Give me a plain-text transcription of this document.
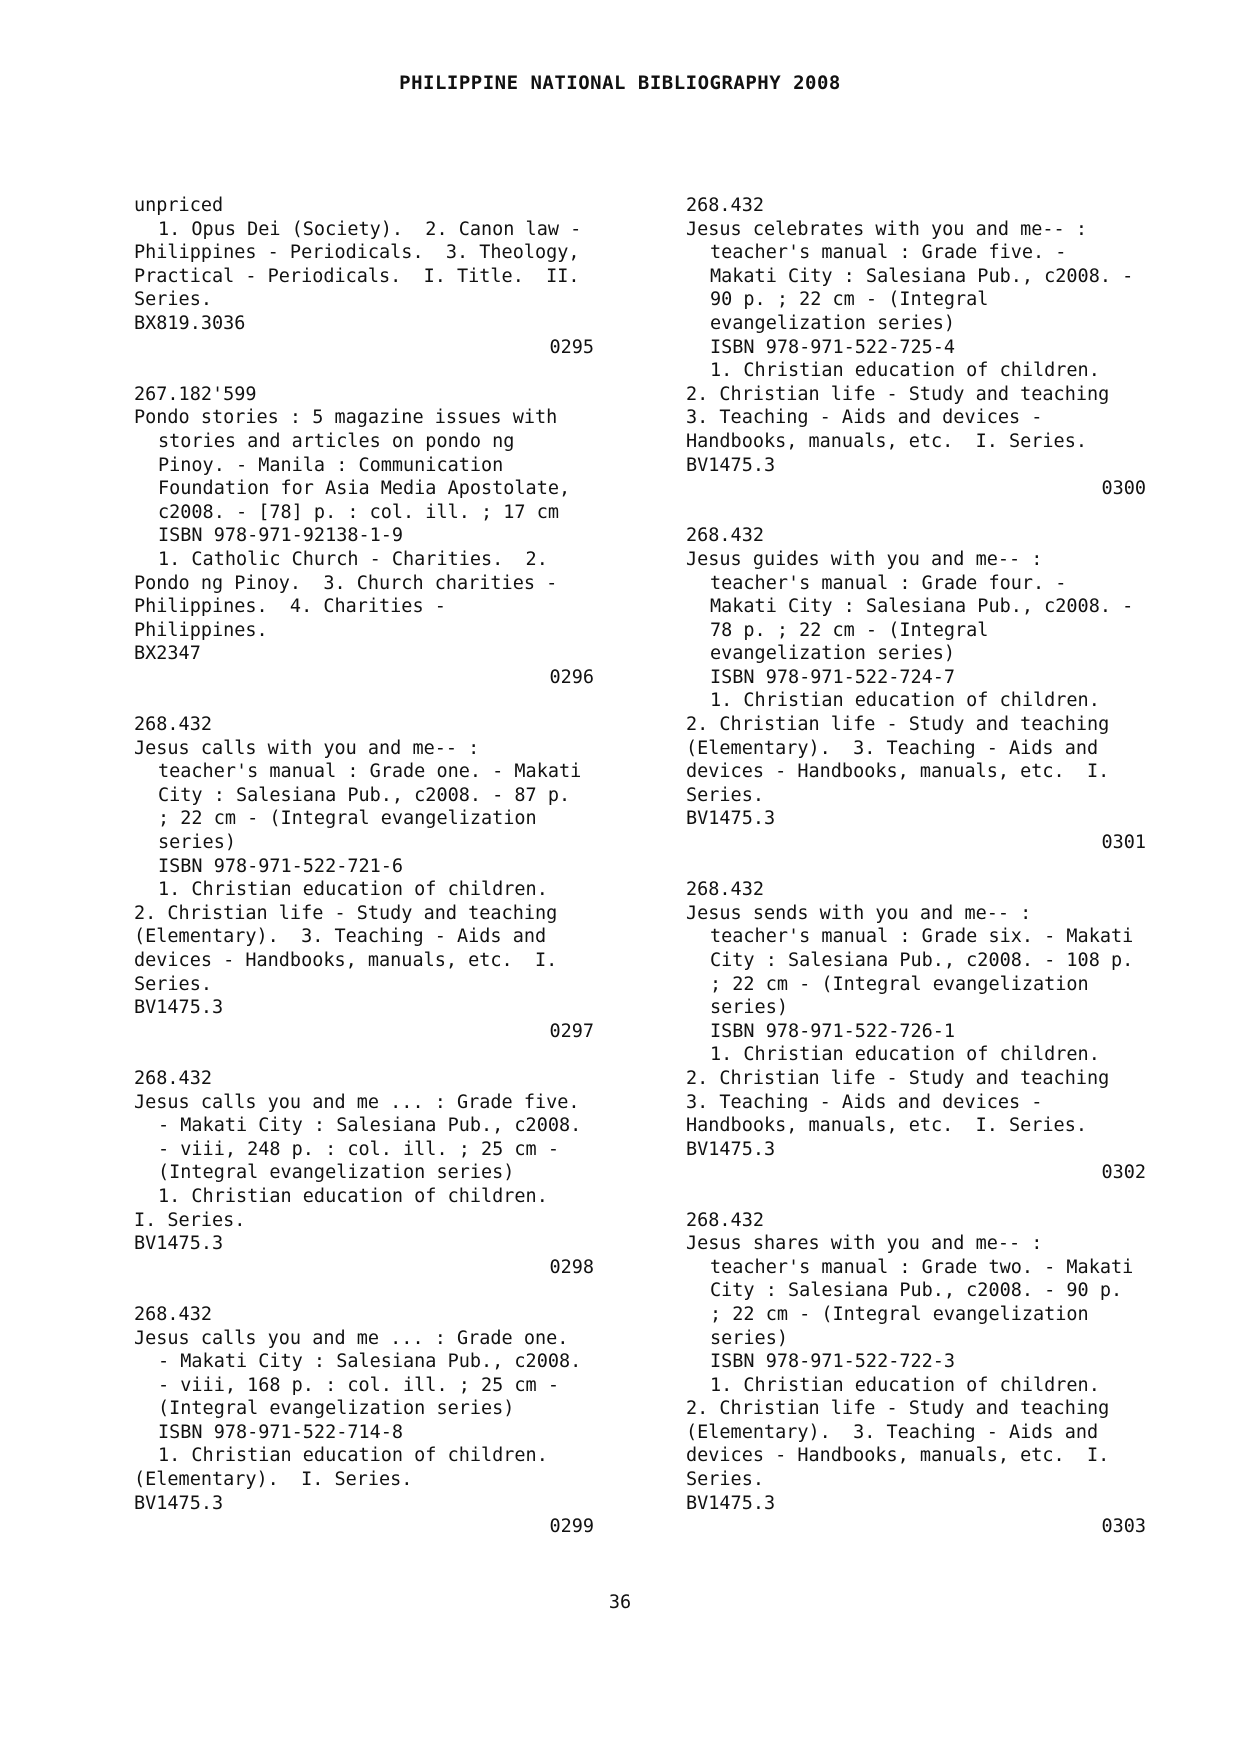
PHILIPPINE NATIONAL BIBLIOGRAPHY 2008
unpriced
1. Opus Dei (Society).  2. Canon law -
Philippines - Periodicals.  3. Theology,
Practical - Periodicals.  I. Title.  II.
Series.
BX819.3036
0295
267.182'599
Pondo stories : 5 magazine issues with
stories and articles on pondo ng
Pinoy. - Manila : Communication
Foundation for Asia Media Apostolate,
c2008. - [78] p. : col. ill. ; 17 cm
ISBN 978-971-92138-1-9
1. Catholic Church - Charities.  2.
Pondo ng Pinoy.  3. Church charities -
Philippines.  4. Charities -
Philippines.
BX2347
0296
268.432
Jesus calls with you and me-- :
teacher's manual : Grade one. - Makati
City : Salesiana Pub., c2008. - 87 p.
; 22 cm - (Integral evangelization
series)
ISBN 978-971-522-721-6
1. Christian education of children.
2. Christian life - Study and teaching
(Elementary).  3. Teaching - Aids and
devices - Handbooks, manuals, etc.  I.
Series.
BV1475.3
0297
268.432
Jesus calls you and me ... : Grade five.
- Makati City : Salesiana Pub., c2008.
- viii, 248 p. : col. ill. ; 25 cm -
(Integral evangelization series)
1. Christian education of children.
I. Series.
BV1475.3
0298
268.432
Jesus calls you and me ... : Grade one.
- Makati City : Salesiana Pub., c2008.
- viii, 168 p. : col. ill. ; 25 cm -
(Integral evangelization series)
ISBN 978-971-522-714-8
1. Christian education of children.
(Elementary).  I. Series.
BV1475.3
0299
268.432
Jesus celebrates with you and me-- :
teacher's manual : Grade five. -
Makati City : Salesiana Pub., c2008. -
90 p. ; 22 cm - (Integral
evangelization series)
ISBN 978-971-522-725-4
1. Christian education of children.
2. Christian life - Study and teaching
3. Teaching - Aids and devices -
Handbooks, manuals, etc.  I. Series.
BV1475.3
0300
268.432
Jesus guides with you and me-- :
teacher's manual : Grade four. -
Makati City : Salesiana Pub., c2008. -
78 p. ; 22 cm - (Integral
evangelization series)
ISBN 978-971-522-724-7
1. Christian education of children.
2. Christian life - Study and teaching
(Elementary).  3. Teaching - Aids and
devices - Handbooks, manuals, etc.  I.
Series.
BV1475.3
0301
268.432
Jesus sends with you and me-- :
teacher's manual : Grade six. - Makati
City : Salesiana Pub., c2008. - 108 p.
; 22 cm - (Integral evangelization
series)
ISBN 978-971-522-726-1
1. Christian education of children.
2. Christian life - Study and teaching
3. Teaching - Aids and devices -
Handbooks, manuals, etc.  I. Series.
BV1475.3
0302
268.432
Jesus shares with you and me-- :
teacher's manual : Grade two. - Makati
City : Salesiana Pub., c2008. - 90 p.
; 22 cm - (Integral evangelization
series)
ISBN 978-971-522-722-3
1. Christian education of children.
2. Christian life - Study and teaching
(Elementary).  3. Teaching - Aids and
devices - Handbooks, manuals, etc.  I.
Series.
BV1475.3
0303
36
